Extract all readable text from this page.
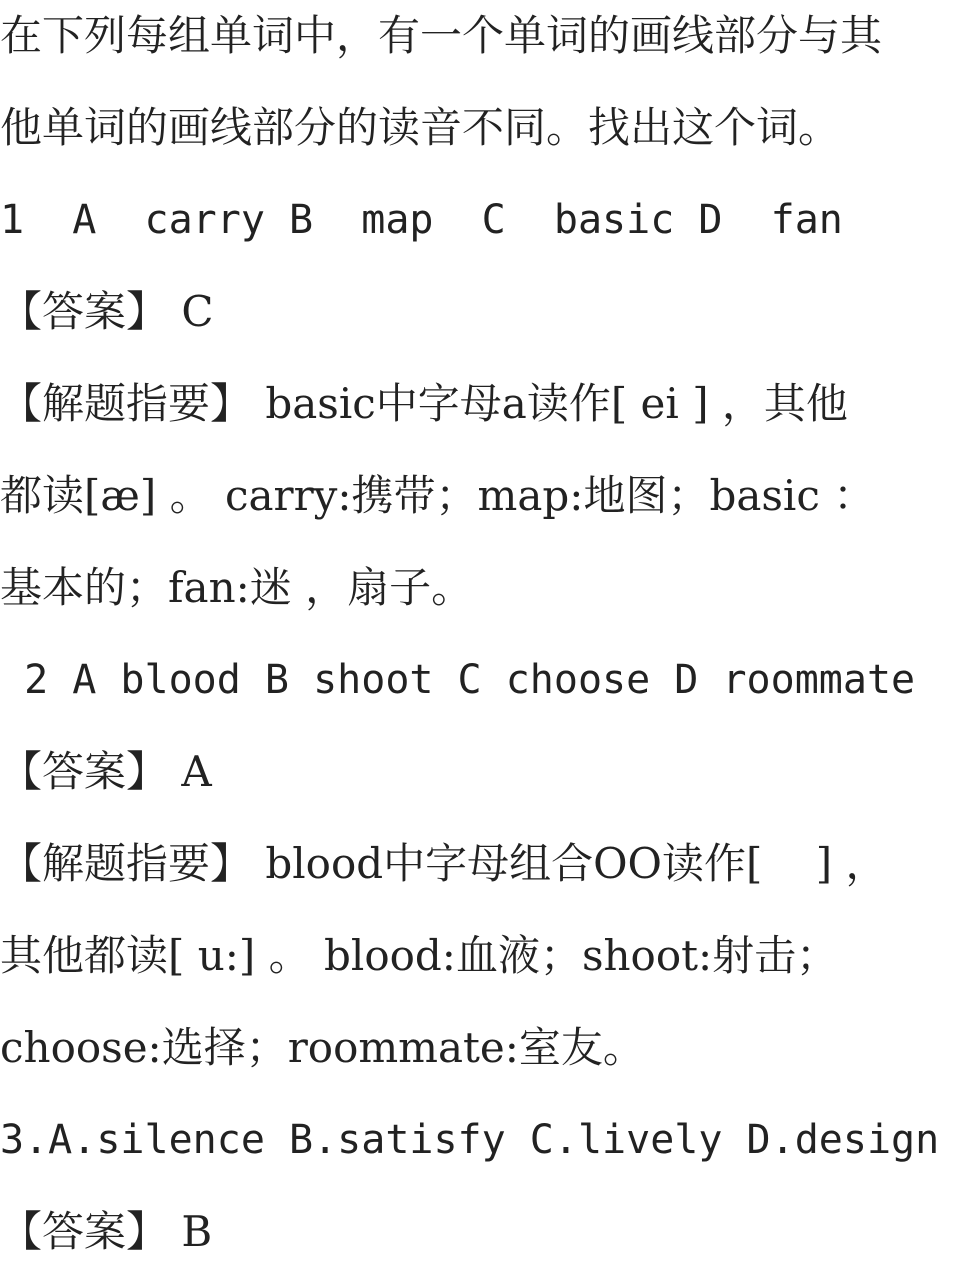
在下列每组单词中，有一个单词的画线部分与其
他单词的画线部分的读音不同。找出这个词。
1  A  carry B  map  C  basic D  fan
【答案】 C
【解题指要】 basic中字母a读作[ ei ] ，其他
都读[æ] 。 carry:携带；map:地图；basic ：
基本的；fan:迷 ，扇子。
2 A blood B shoot C choose D roommate
【答案】 A
【解题指要】 blood中字母组合OO读作[    ] ，
其他都读[ u:] 。 blood:血液；shoot:射击；
choose:选择；roommate:室友。
3.A.silence B.satisfy C.lively D.design
【答案】 B
